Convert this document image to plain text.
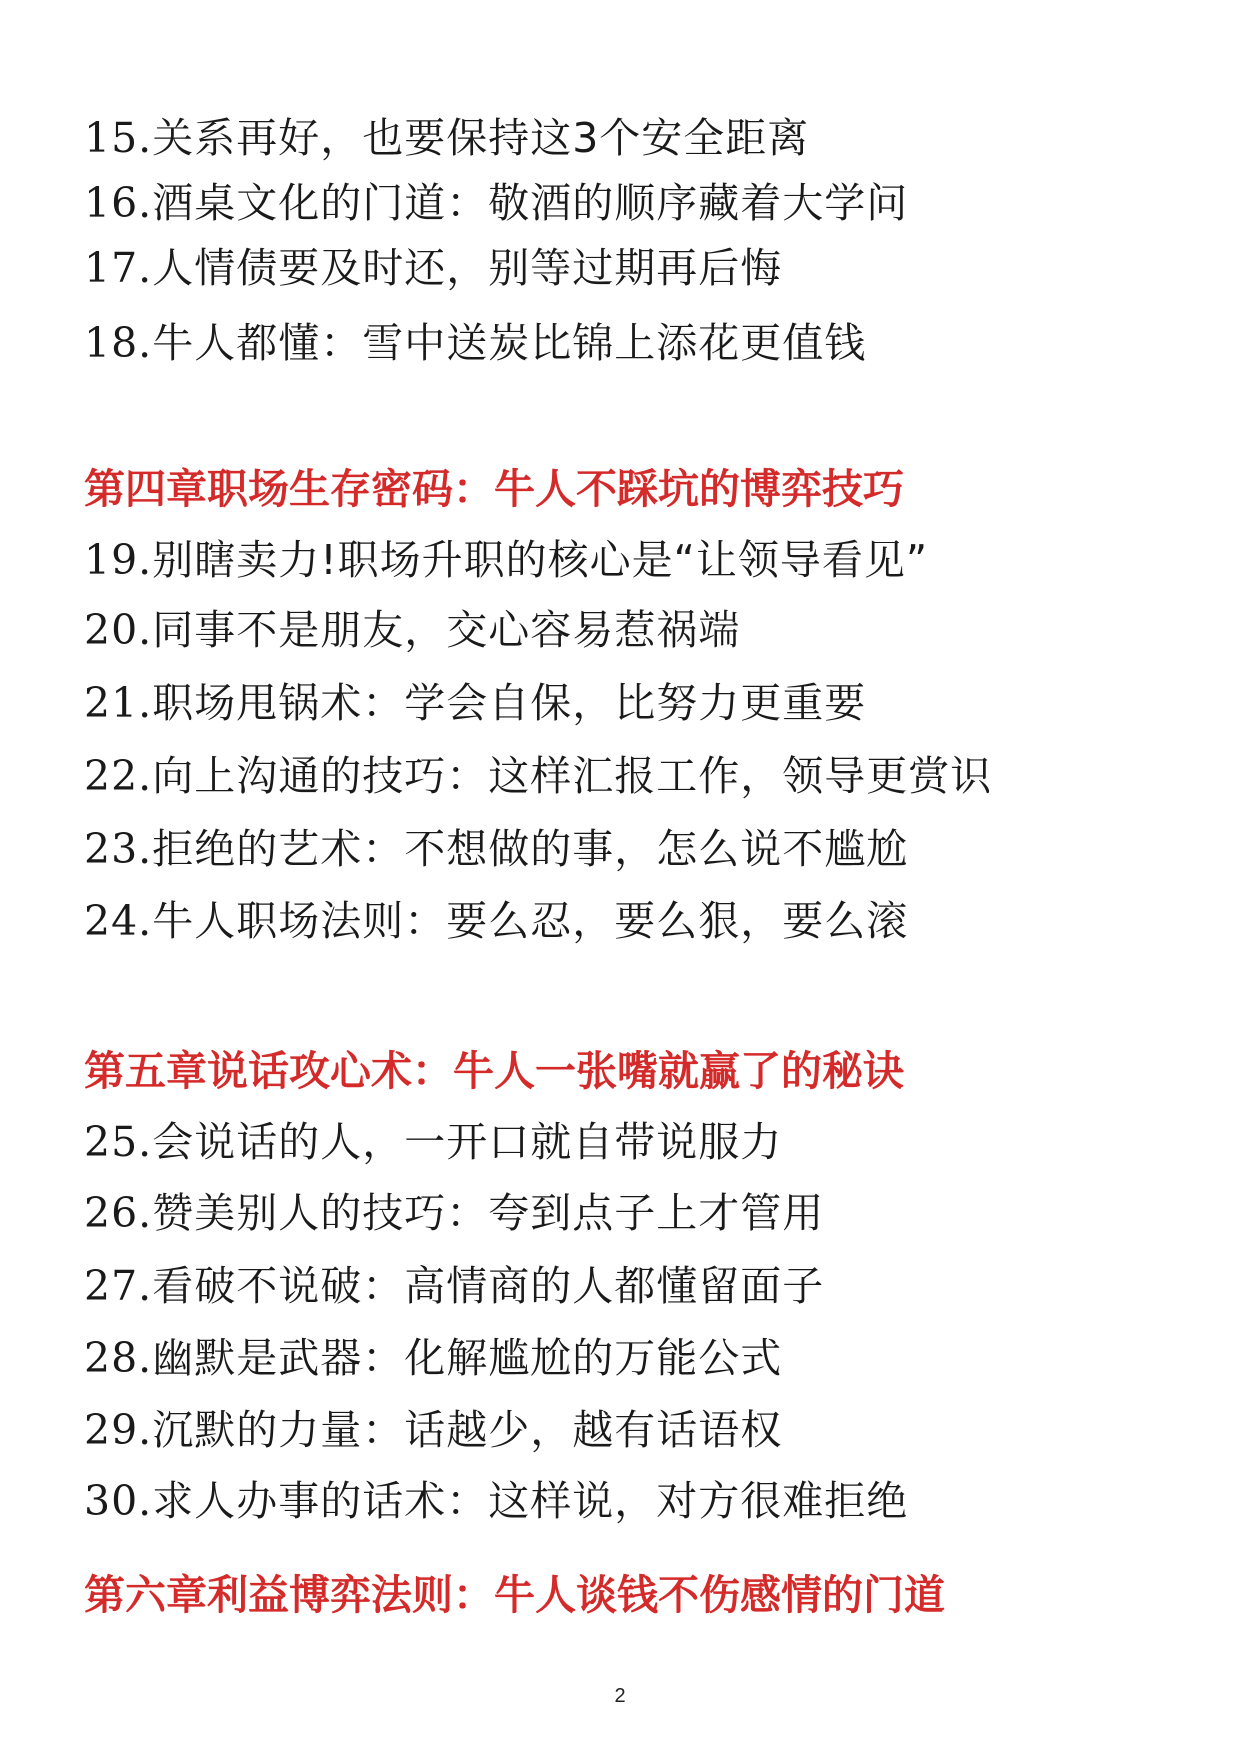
15.关系再好，也要保持这3个安全距离
16.酒桌文化的门道：敬酒的顺序藏着大学问
17.人情债要及时还，别等过期再后悔
18.牛人都懂：雪中送炭比锦上添花更值钱
第四章职场生存密码：牛人不踩坑的博弈技巧
19.别瞎卖力!职场升职的核心是“让领导看见”
20.同事不是朋友，交心容易惹祸端
21.职场甩锅术：学会自保，比努力更重要
22.向上沟通的技巧：这样汇报工作，领导更赏识
23.拒绝的艺术：不想做的事，怎么说不尴尬
24.牛人职场法则：要么忍，要么狠，要么滚
第五章说话攻心术：牛人一张嘴就赢了的秘诀
25.会说话的人，一开口就自带说服力
26.赞美别人的技巧：夸到点子上才管用
27.看破不说破：高情商的人都懂留面子
28.幽默是武器：化解尴尬的万能公式
29.沉默的力量：话越少，越有话语权
30.求人办事的话术：这样说，对方很难拒绝
第六章利益博弈法则：牛人谈钱不伤感情的门道
2
